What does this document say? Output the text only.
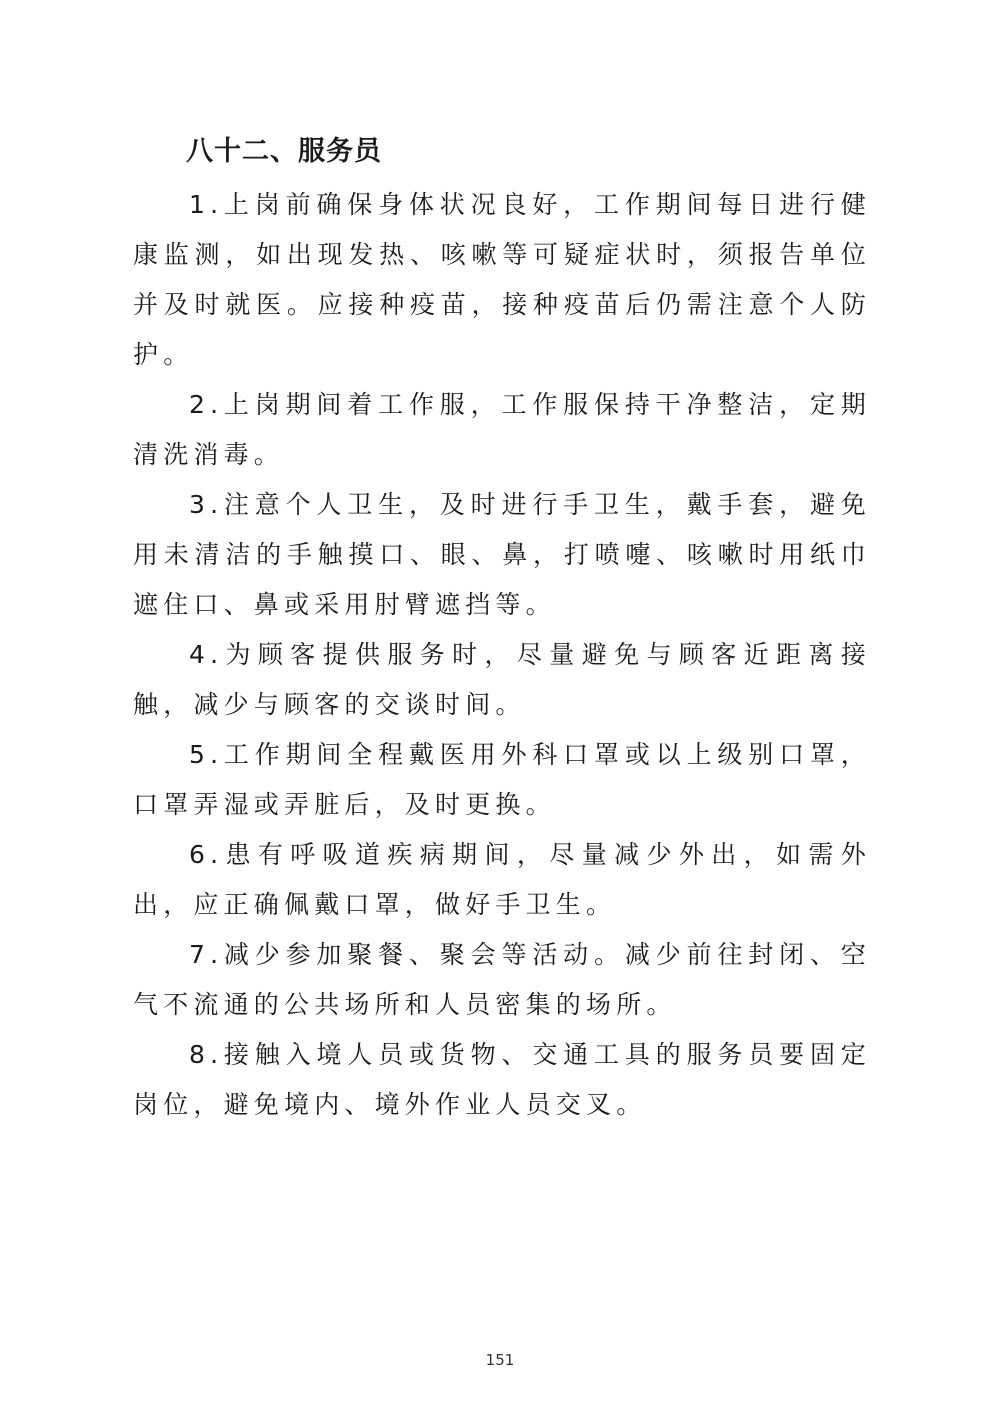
八十二、服务员

1.上岗前确保身体状况良好，工作期间每日进行健康监测，如出现发热、咳嗽等可疑症状时，须报告单位并及时就医。应接种疫苗，接种疫苗后仍需注意个人防护。

2.上岗期间着工作服，工作服保持干净整洁，定期清洗消毒。

3.注意个人卫生，及时进行手卫生，戴手套，避免用未清洁的手触摸口、眼、鼻，打喷嚏、咳嗽时用纸巾遮住口、鼻或采用肘臂遮挡等。

4.为顾客提供服务时，尽量避免与顾客近距离接触，减少与顾客的交谈时间。

5.工作期间全程戴医用外科口罩或以上级别口罩，口罩弄湿或弄脏后，及时更换。

6.患有呼吸道疾病期间，尽量减少外出，如需外出，应正确佩戴口罩，做好手卫生。

7.减少参加聚餐、聚会等活动。减少前往封闭、空气不流通的公共场所和人员密集的场所。

8.接触入境人员或货物、交通工具的服务员要固定岗位，避免境内、境外作业人员交叉。

151
